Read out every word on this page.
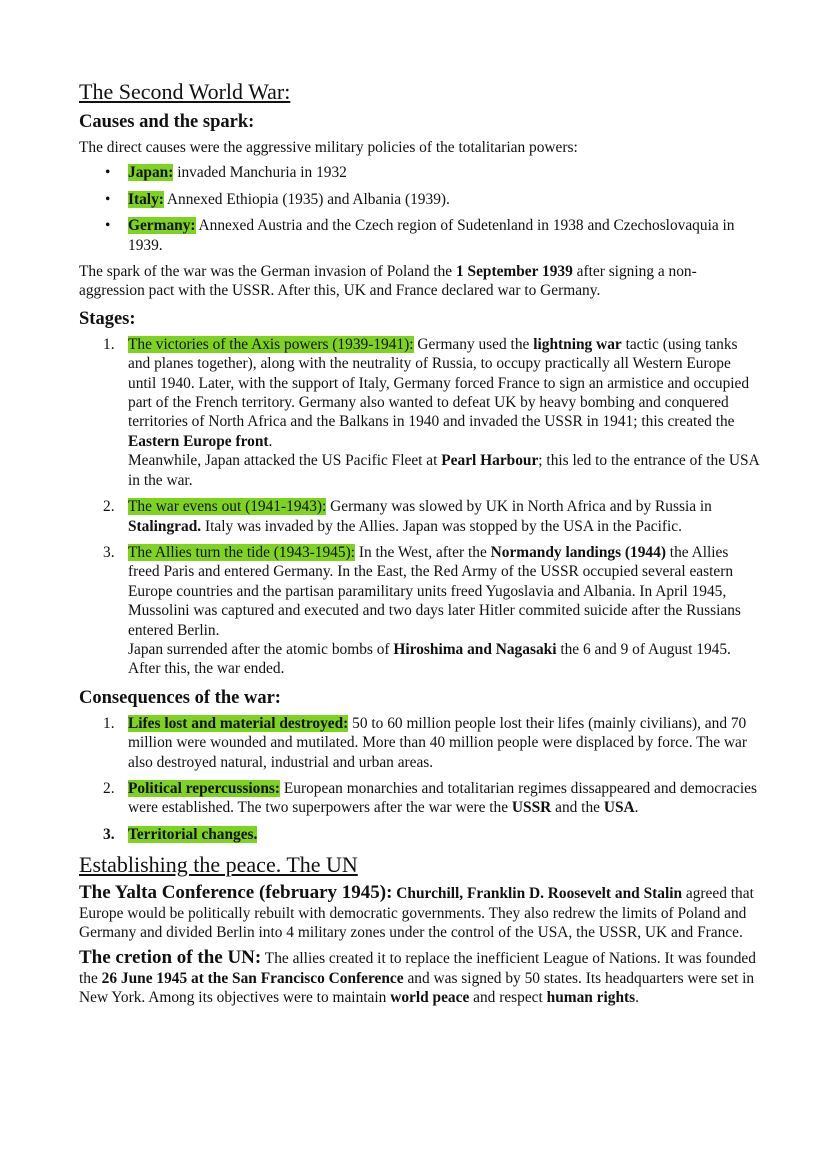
The Second World War:
Causes and the spark:

The direct causes were the aggressive military policies of the totalitarian powers:

• Japan: invaded Manchuria in 1932
• Italy: Annexed Ethiopia (1935) and Albania (1939).
• Germany: Annexed Austria and the Czech region of Sudetenland in 1938 and Czechoslovaquia in 1939.

The spark of the war was the German invasion of Poland the 1 September 1939 after signing a non-aggression pact with the USSR. After this, UK and France declared war to Germany.

Stages:
1. The victories of the Axis powers (1939-1941): Germany used the lightning war tactic (using tanks and planes together), along with the neutrality of Russia, to occupy practically all Western Europe until 1940. Later, with the support of Italy, Germany forced France to sign an armistice and occupied part of the French territory. Germany also wanted to defeat UK by heavy bombing and conquered territories of North Africa and the Balkans in 1940 and invaded the USSR in 1941; this created the Eastern Europe front.
Meanwhile, Japan attacked the US Pacific Fleet at Pearl Harbour; this led to the entrance of the USA in the war.
2. The war evens out (1941-1943): Germany was slowed by UK in North Africa and by Russia in Stalingrad. Italy was invaded by the Allies. Japan was stopped by the USA in the Pacific.
3. The Allies turn the tide (1943-1945): In the West, after the Normandy landings (1944) the Allies freed Paris and entered Germany. In the East, the Red Army of the USSR occupied several eastern Europe countries and the partisan paramilitary units freed Yugoslavia and Albania. In April 1945, Mussolini was captured and executed and two days later Hitler commited suicide after the Russians entered Berlin.
Japan surrended after the atomic bombs of Hiroshima and Nagasaki the 6 and 9 of August 1945. After this, the war ended.
Consequences of the war:
1. Lifes lost and material destroyed: 50 to 60 million people lost their lifes (mainly civilians), and 70 million were wounded and mutilated. More than 40 million people were displaced by force. The war also destroyed natural, industrial and urban areas.
2. Political repercussions: European monarchies and totalitarian regimes dissappeared and democracies were established. The two superpowers after the war were the USSR and the USA.
3. Territorial changes.
Establishing the peace. The UN

The Yalta Conference (february 1945): Churchill, Franklin D. Roosevelt and Stalin agreed that Europe would be politically rebuilt with democratic governments. They also redrew the limits of Poland and Germany and divided Berlin into 4 military zones under the control of the USA, the USSR, UK and France.

The cretion of the UN: The allies created it to replace the inefficient League of Nations. It was founded the 26 June 1945 at the San Francisco Conference and was signed by 50 states. Its headquarters were set in New York. Among its objectives were to maintain world peace and respect human rights.
